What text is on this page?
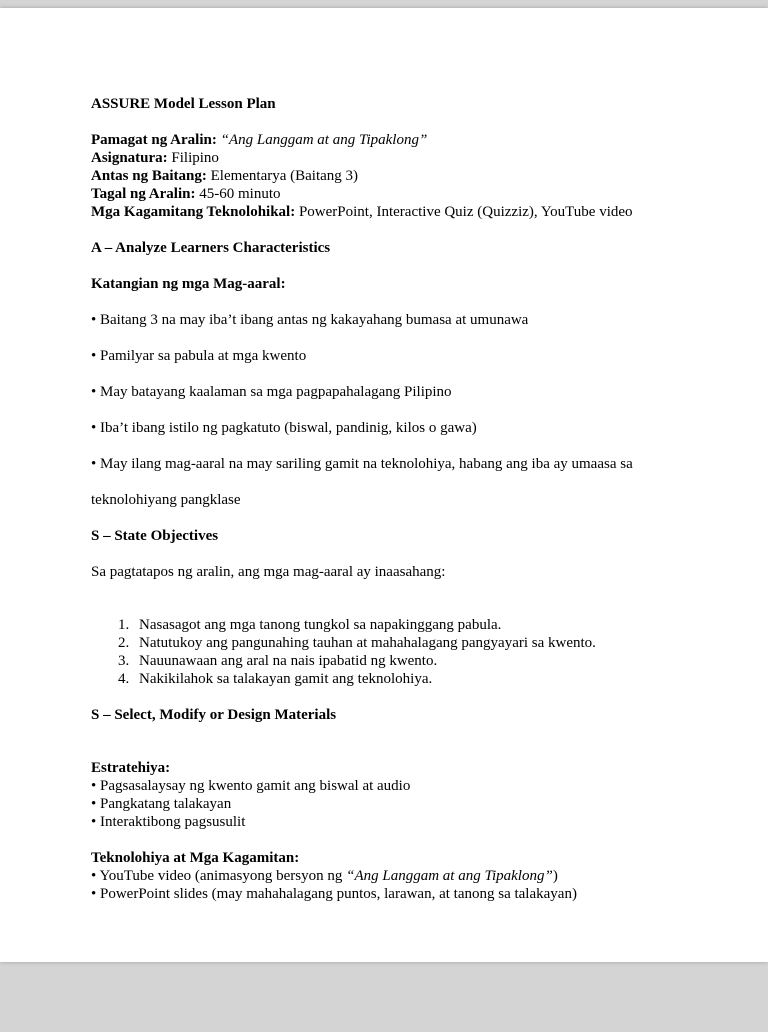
ASSURE Model Lesson Plan
Pamagat ng Aralin: “Ang Langgam at ang Tipaklong”
Asignatura: Filipino
Antas ng Baitang: Elementarya (Baitang 3)
Tagal ng Aralin: 45-60 minuto
Mga Kagamitang Teknolohikal: PowerPoint, Interactive Quiz (Quizziz), YouTube video
A – Analyze Learners Characteristics
Katangian ng mga Mag-aaral:
• Baitang 3 na may iba’t ibang antas ng kakayahang bumasa at umunawa
• Pamilyar sa pabula at mga kwento
• May batayang kaalaman sa mga pagpapahalagang Pilipino
• Iba’t ibang istilo ng pagkatuto (biswal, pandinig, kilos o gawa)
• May ilang mag-aaral na may sariling gamit na teknolohiya, habang ang iba ay umaasa sa
teknolohiyang pangklase
S – State Objectives
Sa pagtatapos ng aralin, ang mga mag-aaral ay inaasahang:
1. Nasasagot ang mga tanong tungkol sa napakinggang pabula.
2. Natutukoy ang pangunahing tauhan at mahahalagang pangyayari sa kwento.
3. Nauunawaan ang aral na nais ipabatid ng kwento.
4. Nakikilahok sa talakayan gamit ang teknolohiya.
S – Select, Modify or Design Materials
Estratehiya:
• Pagsasalaysay ng kwento gamit ang biswal at audio
• Pangkatang talakayan
• Interaktibong pagsusulit
Teknolohiya at Mga Kagamitan:
• YouTube video (animasyong bersyon ng “Ang Langgam at ang Tipaklong”)
• PowerPoint slides (may mahahalagang puntos, larawan, at tanong sa talakayan)
